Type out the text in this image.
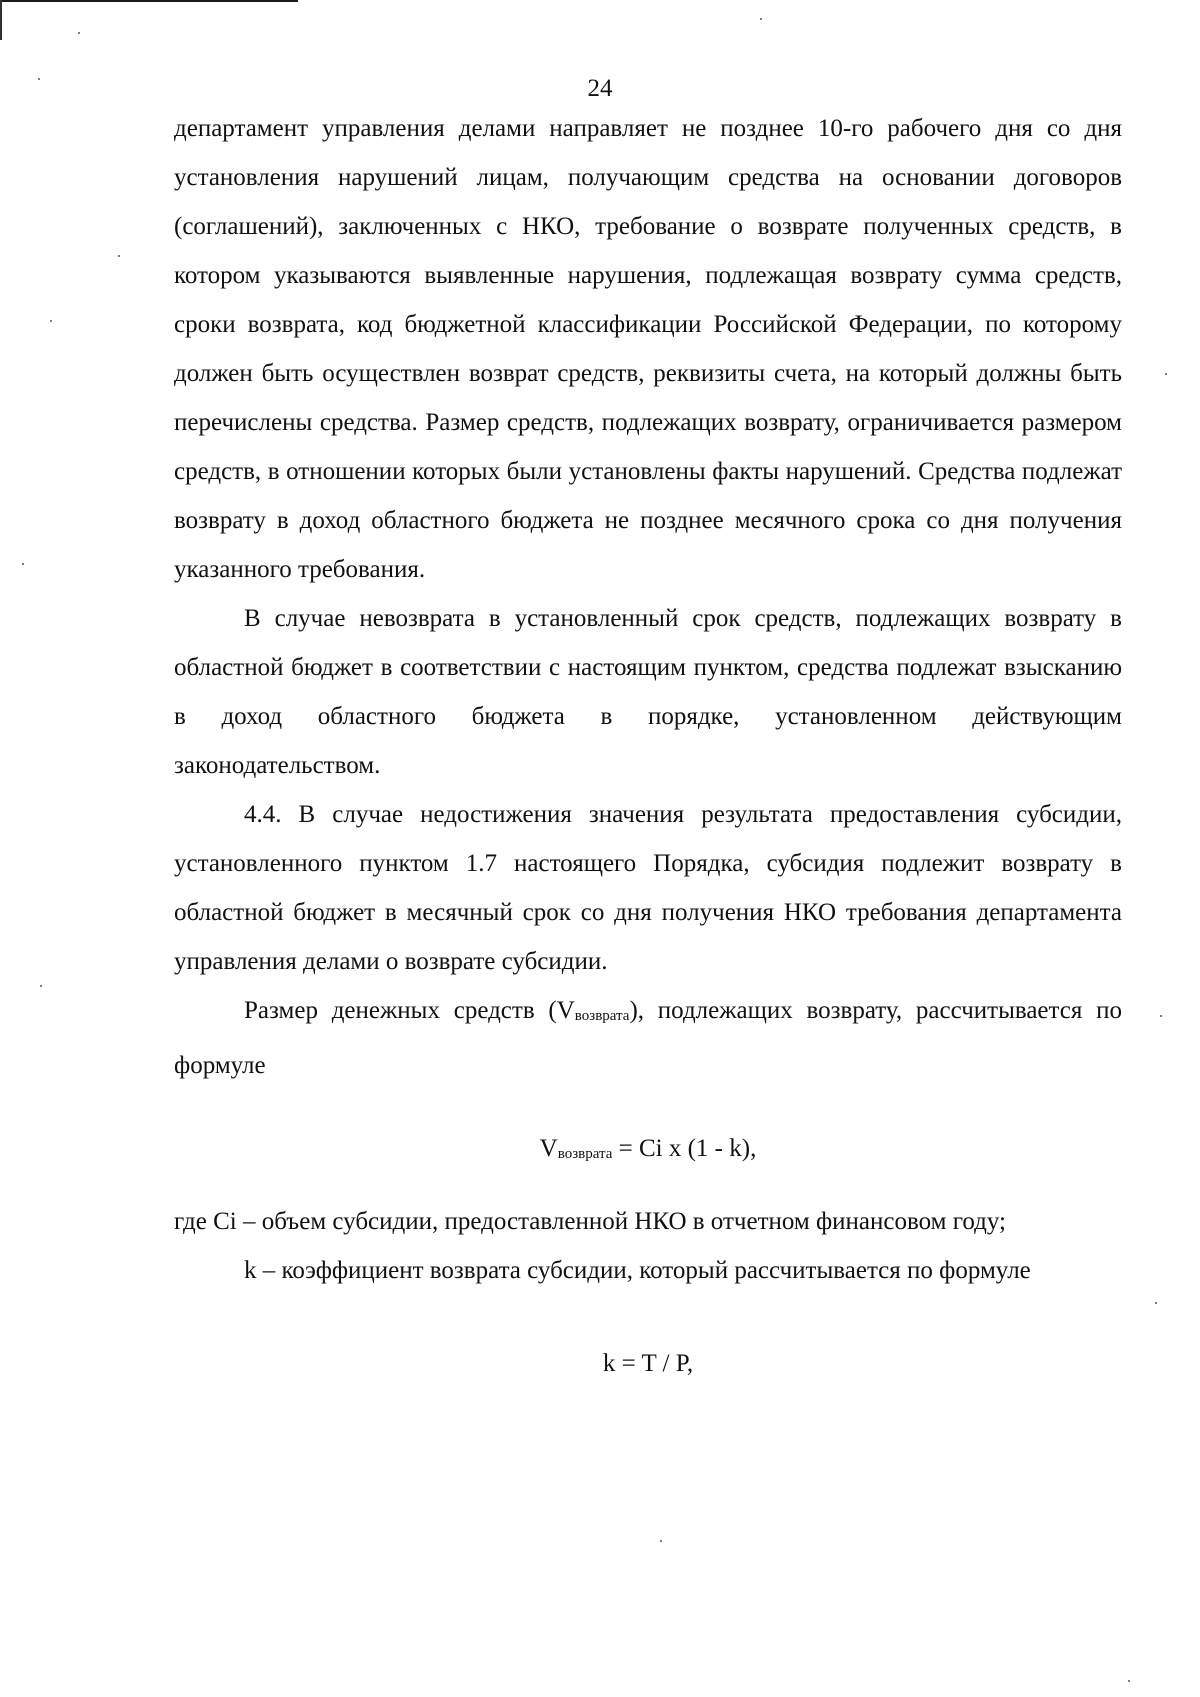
24

департамент управления делами направляет не позднее 10-го рабочего дня со дня установления нарушений лицам, получающим средства на основании договоров (соглашений), заключенных с НКО, требование о возврате полученных средств, в котором указываются выявленные нарушения, подлежащая возврату сумма средств, сроки возврата, код бюджетной классификации Российской Федерации, по которому должен быть осуществлен возврат средств, реквизиты счета, на который должны быть перечислены средства. Размер средств, подлежащих возврату, ограничивается размером средств, в отношении которых были установлены факты нарушений. Средства подлежат возврату в доход областного бюджета не позднее месячного срока со дня получения указанного требования.

В случае невозврата в установленный срок средств, подлежащих возврату в областной бюджет в соответствии с настоящим пунктом, средства подлежат взысканию в доход областного бюджета в порядке, установленном действующим законодательством.

4.4. В случае недостижения значения результата предоставления субсидии, установленного пунктом 1.7 настоящего Порядка, субсидия подлежит возврату в областной бюджет в месячный срок со дня получения НКО требования департамента управления делами о возврате субсидии.

Размер денежных средств (Vвозврата), подлежащих возврату, рассчитывается по формуле

Vвозврата = Ci x (1 - k),

где Ci – объем субсидии, предоставленной НКО в отчетном финансовом году;

k – коэффициент возврата субсидии, который рассчитывается по формуле

k = T / P,
